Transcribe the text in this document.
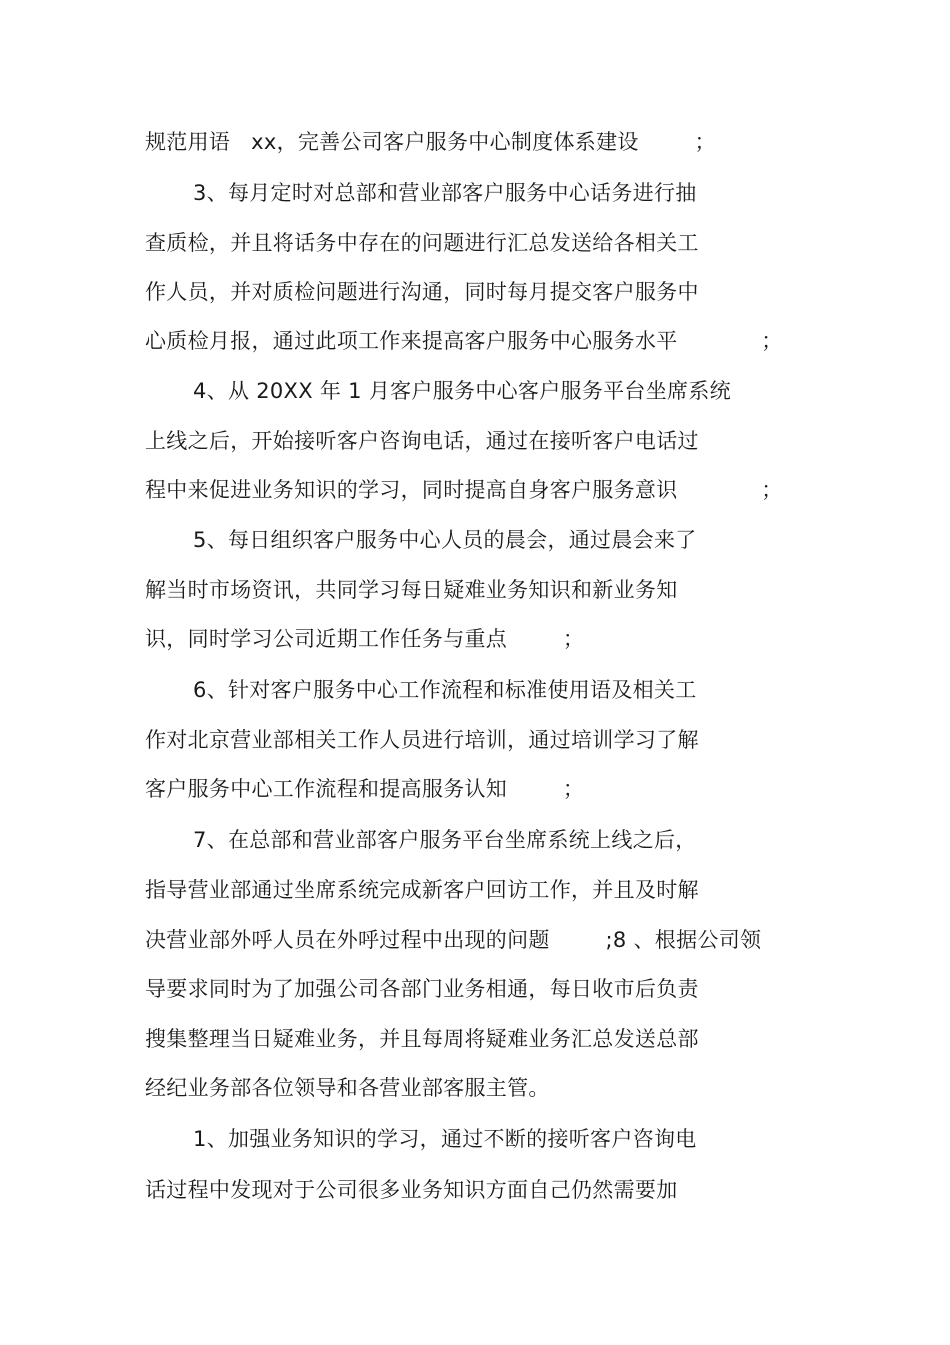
规范用语   xx，完善公司客户服务中心制度体系建设        ；
3、每月定时对总部和营业部客户服务中心话务进行抽
查质检，并且将话务中存在的问题进行汇总发送给各相关工
作人员，并对质检问题进行沟通，同时每月提交客户服务中
心质检月报，通过此项工作来提高客户服务中心服务水平            ；
4、从 20XX 年 1 月客户服务中心客户服务平台坐席系统
上线之后，开始接听客户咨询电话，通过在接听客户电话过
程中来促进业务知识的学习，同时提高自身客户服务意识            ；
5、每日组织客户服务中心人员的晨会，通过晨会来了
解当时市场资讯，共同学习每日疑难业务知识和新业务知
识，同时学习公司近期工作任务与重点        ；
6、针对客户服务中心工作流程和标准使用语及相关工
作对北京营业部相关工作人员进行培训，通过培训学习了解
客户服务中心工作流程和提高服务认知        ；
7、在总部和营业部客户服务平台坐席系统上线之后，
指导营业部通过坐席系统完成新客户回访工作，并且及时解
决营业部外呼人员在外呼过程中出现的问题        ;8 、根据公司领
导要求同时为了加强公司各部门业务相通，每日收市后负责
搜集整理当日疑难业务，并且每周将疑难业务汇总发送总部
经纪业务部各位领导和各营业部客服主管。
1、加强业务知识的学习，通过不断的接听客户咨询电
话过程中发现对于公司很多业务知识方面自己仍然需要加
